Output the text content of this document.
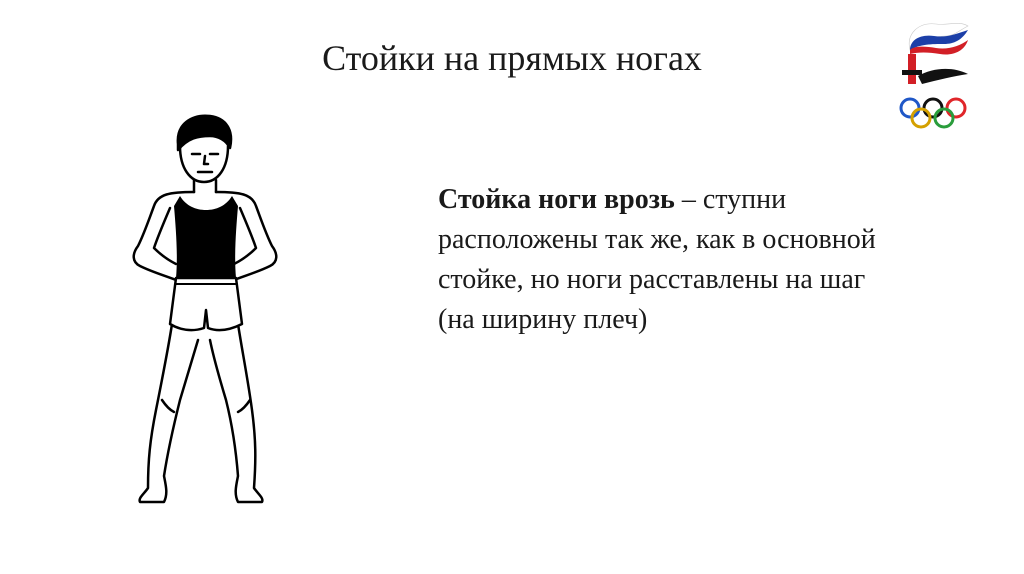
Стойки на прямых ногах

Стойка ноги врозь – ступни расположены так же, как в основной стойке, но ноги расставлены на шаг (на ширину плеч)
